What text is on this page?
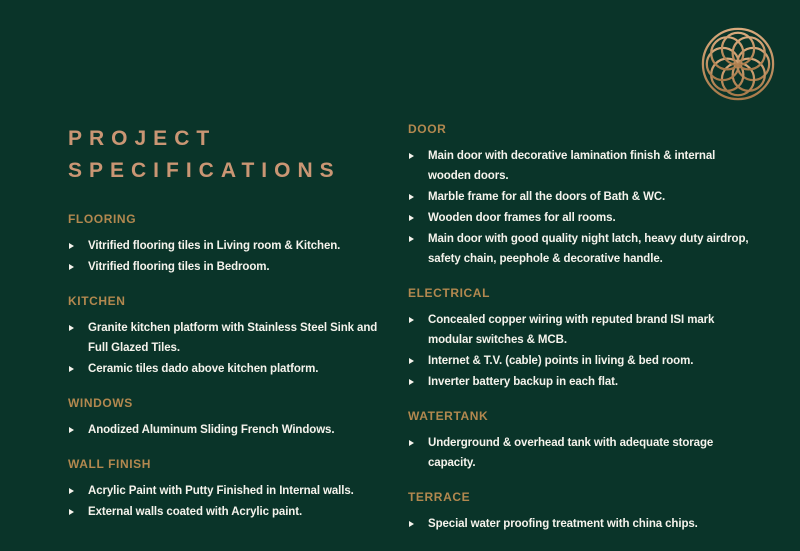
PROJECT
SPECIFICATIONS
FLOORING
Vitrified flooring tiles in Living room & Kitchen.
Vitrified flooring tiles in Bedroom.
KITCHEN
Granite kitchen platform with Stainless Steel Sink and Full Glazed Tiles.
Ceramic tiles dado above kitchen platform.
WINDOWS
Anodized Aluminum Sliding French Windows.
WALL FINISH
Acrylic Paint with Putty Finished in Internal walls.
External walls coated with Acrylic paint.
DOOR
Main door with decorative lamination finish & internal wooden doors.
Marble frame for all the doors of Bath & WC.
Wooden door frames for all rooms.
Main door with good quality night latch, heavy duty airdrop, safety chain, peephole & decorative handle.
ELECTRICAL
Concealed copper wiring with reputed brand ISI mark modular switches & MCB.
Internet & T.V. (cable) points in living & bed room.
Inverter battery backup in each flat.
WATERTANK
Underground & overhead tank with adequate storage capacity.
TERRACE
Special water proofing treatment with china chips.
